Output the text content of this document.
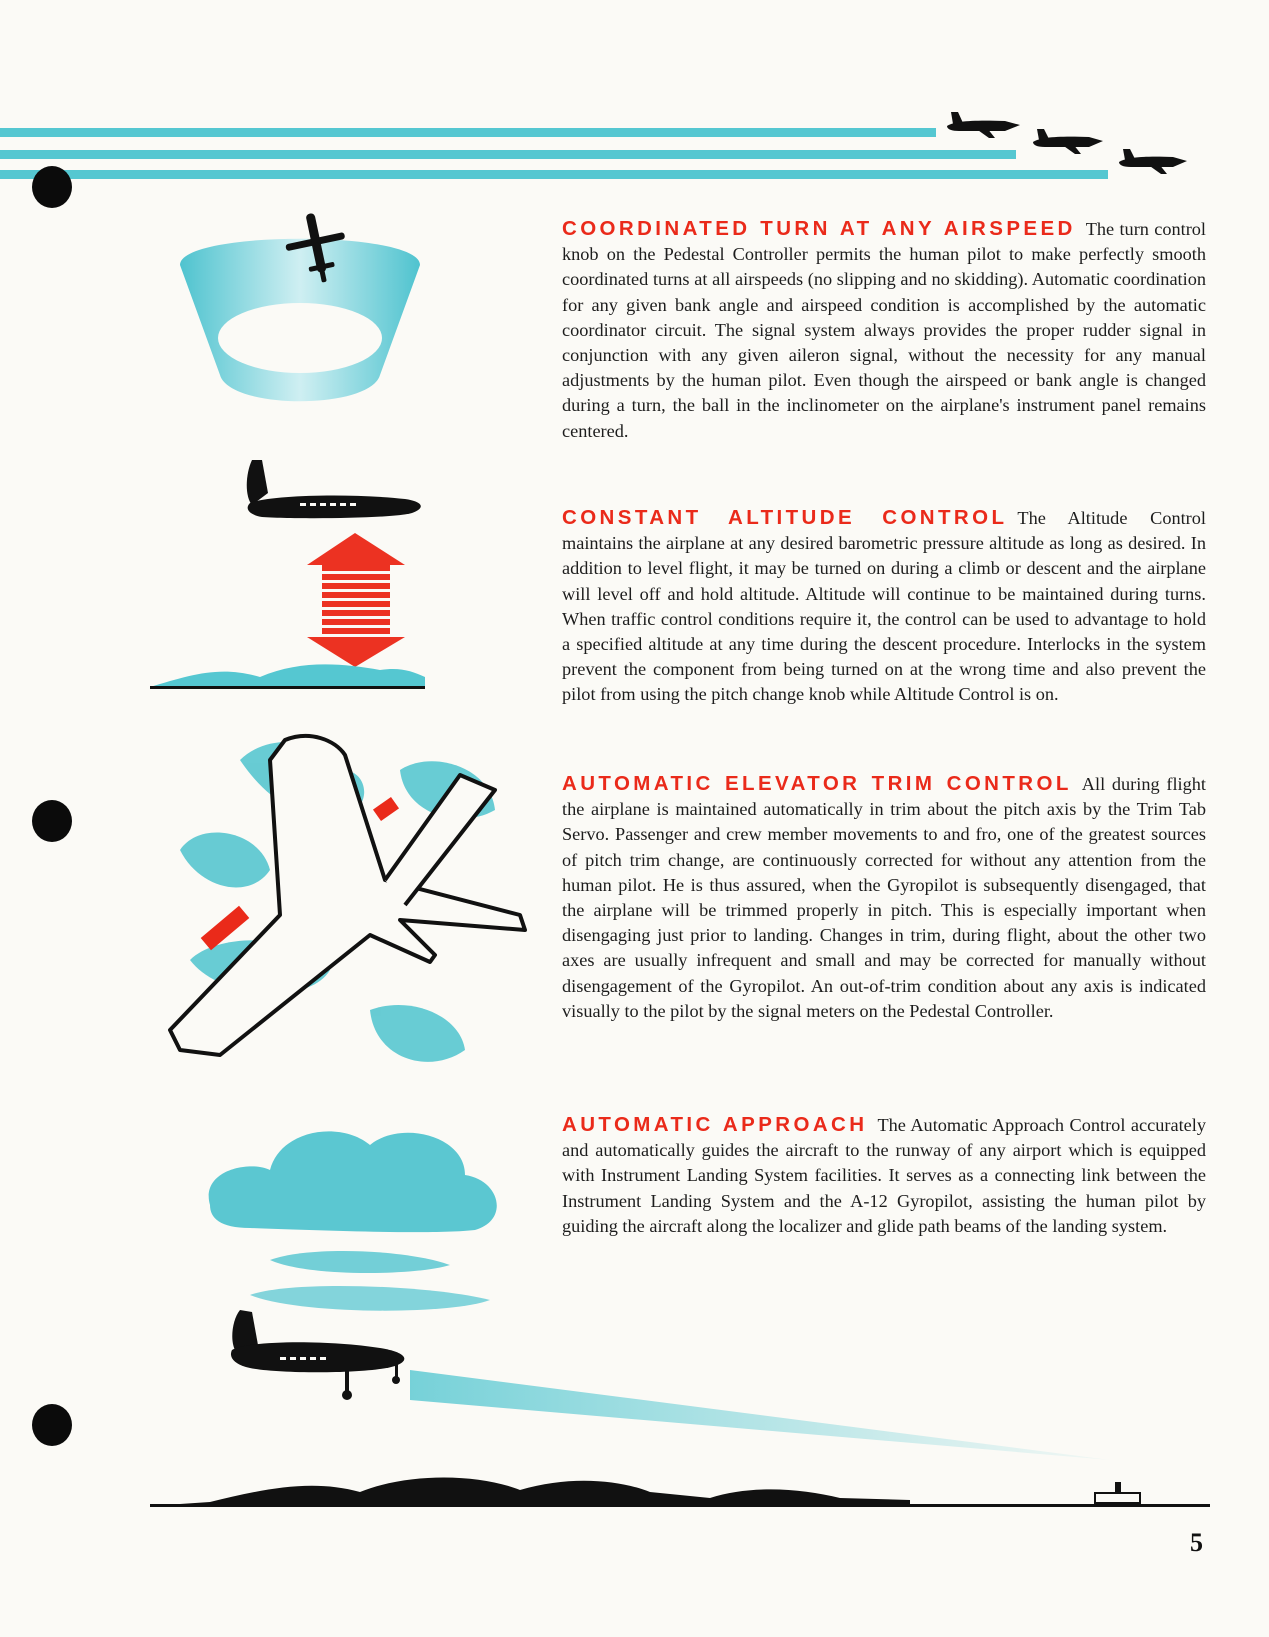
COORDINATED TURN AT ANY AIRSPEED The turn control knob on the Pedestal Controller permits the human pilot to make perfectly smooth coordinated turns at all airspeeds (no slipping and no skidding). Automatic coordination for any given bank angle and airspeed condition is accomplished by the automatic coordinator circuit. The signal system always provides the proper rudder signal in conjunction with any given aileron signal, without the necessity for any manual adjustments by the human pilot. Even though the airspeed or bank angle is changed during a turn, the ball in the inclinometer on the airplane's instrument panel remains centered.
CONSTANT ALTITUDE CONTROL The Altitude Control maintains the airplane at any desired barometric pressure altitude as long as desired. In addition to level flight, it may be turned on during a climb or descent and the airplane will level off and hold altitude. Altitude will continue to be maintained during turns. When traffic control conditions require it, the control can be used to advantage to hold a specified altitude at any time during the descent procedure. Interlocks in the system prevent the component from being turned on at the wrong time and also prevent the pilot from using the pitch change knob while Altitude Control is on.
AUTOMATIC ELEVATOR TRIM CONTROL All during flight the airplane is maintained automatically in trim about the pitch axis by the Trim Tab Servo. Passenger and crew member movements to and fro, one of the greatest sources of pitch trim change, are continuously corrected for without any attention from the human pilot. He is thus assured, when the Gyropilot is subsequently disengaged, that the airplane will be trimmed properly in pitch. This is especially important when disengaging just prior to landing. Changes in trim, during flight, about the other two axes are usually infrequent and small and may be corrected for manually without disengagement of the Gyropilot. An out-of-trim condition about any axis is indicated visually to the pilot by the signal meters on the Pedestal Controller.
AUTOMATIC APPROACH The Automatic Approach Control accurately and automatically guides the aircraft to the runway of any airport which is equipped with Instrument Landing System facilities. It serves as a connecting link between the Instrument Landing System and the A-12 Gyropilot, assisting the human pilot by guiding the aircraft along the localizer and glide path beams of the landing system.
5
